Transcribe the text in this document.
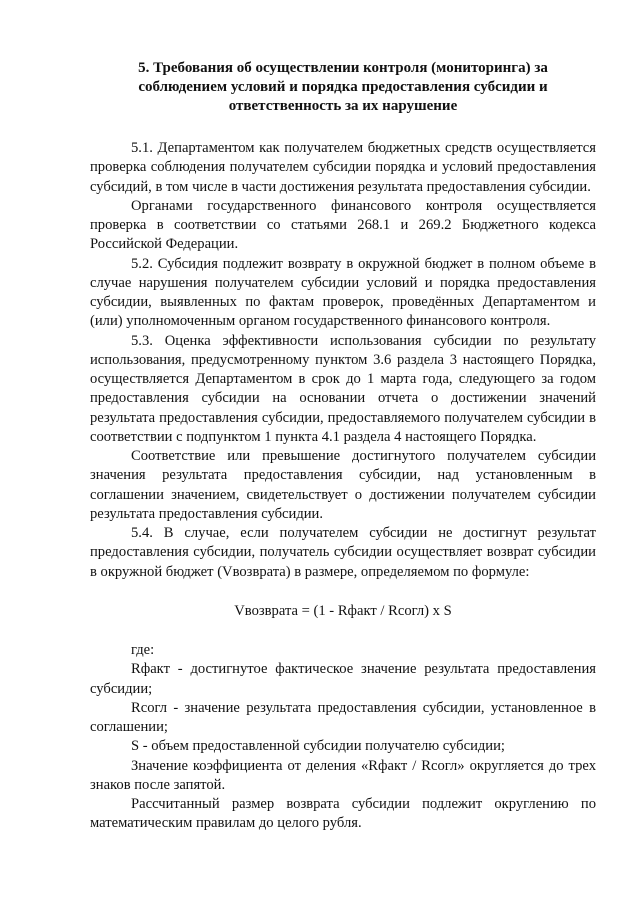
5. Требования об осуществлении контроля (мониторинга) за
соблюдением условий и порядка предоставления субсидии и
ответственность за их нарушение

5.1. Департаментом как получателем бюджетных средств осуществляется проверка соблюдения получателем субсидии порядка и условий предоставления субсидий, в том числе в части достижения результата предоставления субсидии.

Органами государственного финансового контроля осуществляется проверка в соответствии со статьями 268.1 и 269.2 Бюджетного кодекса Российской Федерации.

5.2. Субсидия подлежит возврату в окружной бюджет в полном объеме в случае нарушения получателем субсидии условий и порядка предоставления субсидии, выявленных по фактам проверок, проведённых Департаментом и (или) уполномоченным органом государственного финансового контроля.

5.3. Оценка эффективности использования субсидии по результату использования, предусмотренному пунктом 3.6 раздела 3 настоящего Порядка, осуществляется Департаментом в срок до 1 марта года, следующего за годом предоставления субсидии на основании отчета о достижении значений результата предоставления субсидии, предоставляемого получателем субсидии в соответствии с подпунктом 1 пункта 4.1 раздела 4 настоящего Порядка.

Соответствие или превышение достигнутого получателем субсидии значения результата предоставления субсидии, над установленным в соглашении значением, свидетельствует о достижении получателем субсидии результата предоставления субсидии.

5.4. В случае, если получателем субсидии не достигнут результат предоставления субсидии, получатель субсидии осуществляет возврат субсидии в окружной бюджет (Vвозврата) в размере, определяемом по формуле:

Vвозврата = (1 - Rфакт / Rсогл) x S

где:

Rфакт - достигнутое фактическое значение результата предоставления субсидии;

Rсогл - значение результата предоставления субсидии, установленное в соглашении;

S - объем предоставленной субсидии получателю субсидии;

Значение коэффициента от деления «Rфакт / Rсогл» округляется до трех знаков после запятой.

Рассчитанный размер возврата субсидии подлежит округлению по математическим правилам до целого рубля.
